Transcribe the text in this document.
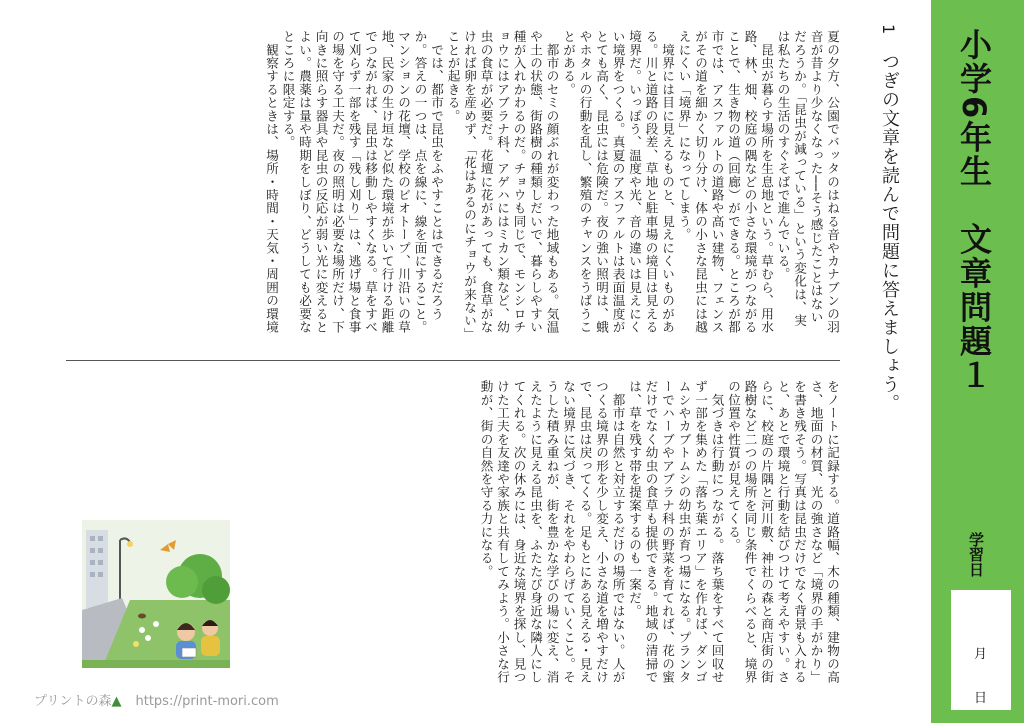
小学6年生　文章問題１
学習日
月
日
1
つぎの文章を読んで問題に答えましょう。
夏の夕方、公園でバッタのはねる音やカナブンの羽
音が昔より少なくなった──そう感じたことはない
だろうか。「昆虫が減っている」という変化は、実
は私たちの生活のすぐそばで進んでいる。
　昆虫が暮らす場所を生息地という。草むら、用水
路、林、畑、校庭の隅などの小さな環境がつながる
ことで、生き物の道（回廊）ができる。ところが都
市では、アスファルトの道路や高い建物、フェンス
がその道を細かく切り分け、体の小さな昆虫には越
えにくい「境界」になってしまう。
　境界には目に見えるものと、見えにくいものがあ
る。川と道路の段差、草地と駐車場の境目は見える
境界だ。いっぽう、温度や光、音の違いは見えにく
い境界をつくる。真夏のアスファルトは表面温度が
とても高く、昆虫には危険だ。夜の強い照明は、蛾
やホタルの行動を乱し、繁殖のチャンスをうばうこ
とがある。
　都市のセミの顔ぶれが変わった地域もある。気温
や土の状態、街路樹の種類しだいで、暮らしやすい
種が入れかわるのだ。チョウも同じで、モンシロチ
ョウにはアブラナ科、アゲハにはミカン類など、幼
虫の食草が必要だ。花壇に花があっても、食草がな
ければ卵を産めず、「花はあるのにチョウが来ない」
ことが起きる。
　では、都市で昆虫をふやすことはできるだろう
か。答えの一つは、点を線に、線を面にすること。
マンションの花壇、学校のビオトープ、川沿いの草
地、民家の生け垣など似た環境が歩いて行ける距離
でつながれば、昆虫は移動しやすくなる。草をすべ
て刈らず一部を残す「残し刈り」は、逃げ場と食事
の場を守る工夫だ。夜の照明は必要な場所だけ、下
向きに照らす器具や昆虫の反応が弱い光に変えると
よい。農薬は量や時期をしぼり、どうしても必要な
ところに限定する。
　観察するときは、場所・時間・天気・周囲の環境
をノートに記録する。道路幅、木の種類、建物の高
さ、地面の材質、光の強さなど「境界の手がかり」
を書き残そう。写真は昆虫だけでなく背景も入れる
と、あとで環境と行動を結びつけて考えやすい。さ
らに、校庭の片隅と河川敷、神社の森と商店街の街
路樹など二つの場所を同じ条件でくらべると、境界
の位置や性質が見えてくる。
　気づきは行動につながる。落ち葉をすべて回収せ
ず一部を集めた「落ち葉エリア」を作れば、ダンゴ
ムシやカブトムシの幼虫が育つ場になる。プランタ
ーでハーブやアブラナ科の野菜を育てれば、花の蜜
だけでなく幼虫の食草も提供できる。地域の清掃で
は、草を残す帯を提案するのも一案だ。
　都市は自然と対立するだけの場所ではない。人が
つくる境界の形を少し変え、小さな道を増やすだけ
で、昆虫は戻ってくる。足もとにある見える・見え
ない境界に気づき、それをやわらげていくこと。そ
うした積み重ねが、街を豊かな学びの場に変え、消
えたように見える昆虫を、ふたたび身近な隣人にし
てくれる。次の休みには、身近な境界を探し、見つ
けた工夫を友達や家族と共有してみよう。小さな行
動が、街の自然を守る力になる。
プリントの森▲ https://print-mori.com
